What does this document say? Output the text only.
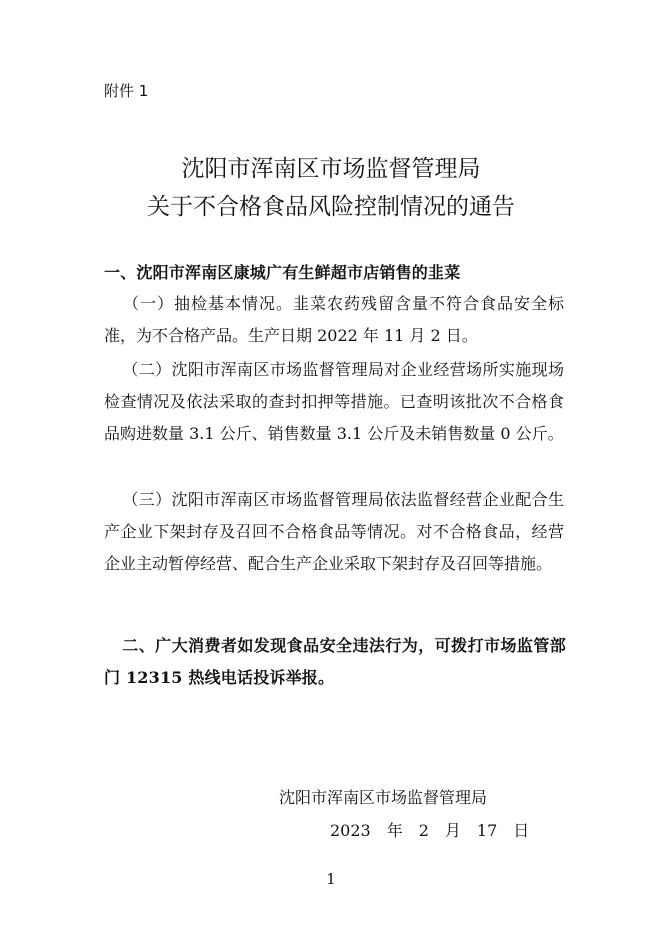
附件 1
沈阳市浑南区市场监督管理局
关于不合格食品风险控制情况的通告
一、沈阳市浑南区康城广有生鲜超市店销售的韭菜
（一）抽检基本情况。韭菜农药残留含量不符合食品安全标准，为不合格产品。生产日期 2022 年 11 月 2 日。
（二）沈阳市浑南区市场监督管理局对企业经营场所实施现场检查情况及依法采取的查封扣押等措施。已查明该批次不合格食品购进数量 3.1 公斤、销售数量 3.1 公斤及未销售数量 0 公斤。
（三）沈阳市浑南区市场监督管理局依法监督经营企业配合生产企业下架封存及召回不合格食品等情况。对不合格食品，经营企业主动暂停经营、配合生产企业采取下架封存及召回等措施。
二、广大消费者如发现食品安全违法行为，可拨打市场监管部门 12315 热线电话投诉举报。
沈阳市浑南区市场监督管理局
2023　年　2　月　17　日
1
